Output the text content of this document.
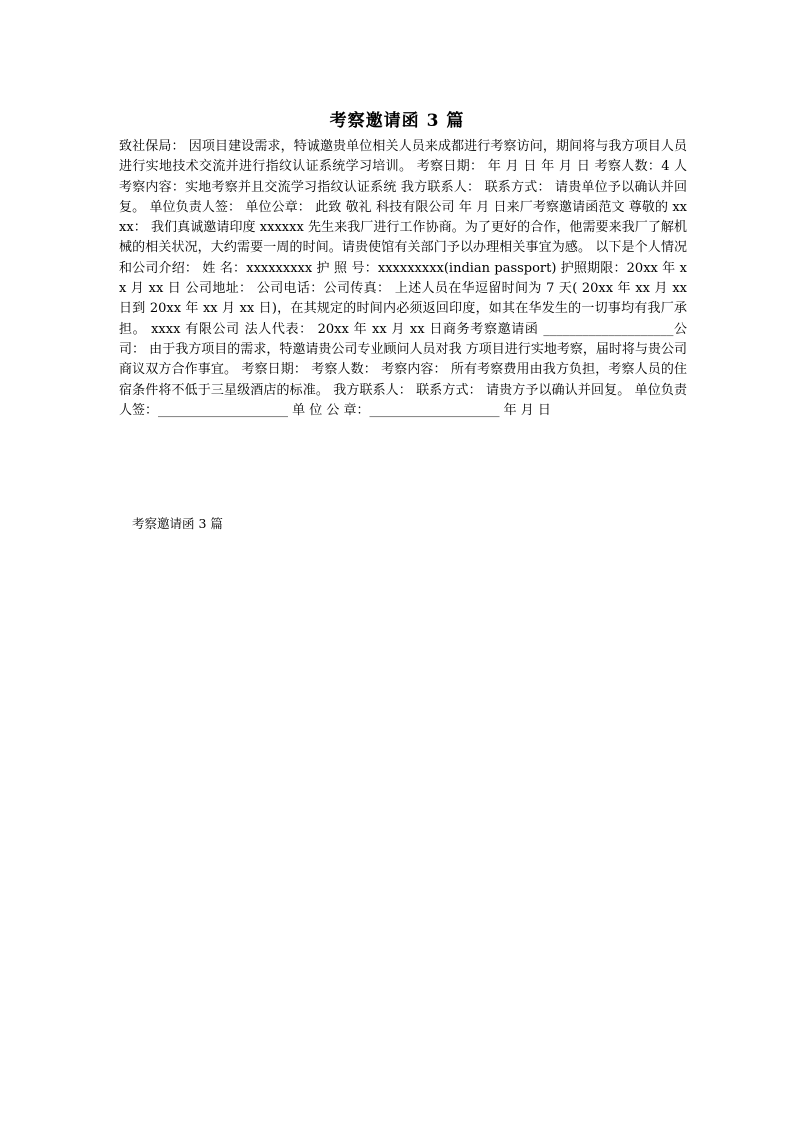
考察邀请函 3 篇

致社保局： 因项目建设需求，特诚邀贵单位相关人员来成都进行考察访问，期间将与我方项目人员进行实地技术交流并进行指纹认证系统学习培训。 考察日期： 年 月 日 年 月 日 考察人数：4 人 考察内容：实地考察并且交流学习指纹认证系统 我方联系人： 联系方式： 请贵单位予以确认并回复。 单位负责人签： 单位公章： 此致 敬礼 科技有限公司 年 月 日来厂考察邀请函范文 尊敬的 xxxx： 我们真诚邀请印度 xxxxxx 先生来我厂进行工作协商。为了更好的合作，他需要来我厂了解机械的相关状况，大约需要一周的时间。请贵使馆有关部门予以办理相关事宜为感。 以下是个人情况和公司介绍： 姓 名：xxxxxxxxx 护 照 号：xxxxxxxxx(indian passport) 护照期限：20xx 年 xx 月 xx 日 公司地址： 公司电话：公司传真： 上述人员在华逗留时间为 7 天( 20xx 年 xx 月 xx 日到 20xx 年 xx 月 xx 日)，在其规定的时间内必须返回印度，如其在华发生的一切事均有我厂承担。 xxxx 有限公司 法人代表： 20xx 年 xx 月 xx 日商务考察邀请函 ____________________公司： 由于我方项目的需求，特邀请贵公司专业顾问人员对我 方项目进行实地考察，届时将与贵公司商议双方合作事宜。 考察日期： 考察人数： 考察内容： 所有考察费用由我方负担，考察人员的住宿条件将不低于三星级酒店的标准。 我方联系人： 联系方式： 请贵方予以确认并回复。 单位负责人签：____________________ 单 位 公 章：____________________ 年 月 日

考察邀请函 3 篇
